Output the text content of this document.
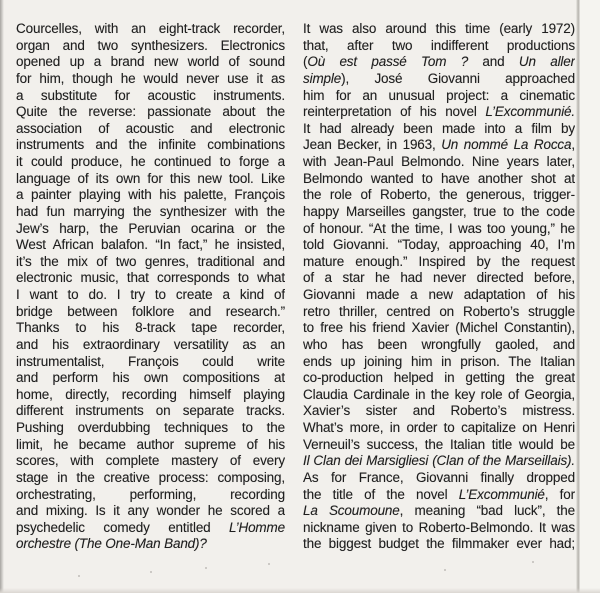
Courcelles, with an eight-track recorder,
organ and two synthesizers. Electronics
opened up a brand new world of sound
for him, though he would never use it as
a substitute for acoustic instruments.
Quite the reverse: passionate about the
association of acoustic and electronic
instruments and the infinite combinations
it could produce, he continued to forge a
language of its own for this new tool. Like
a painter playing with his palette, François
had fun marrying the synthesizer with the
Jew’s harp, the Peruvian ocarina or the
West African balafon. “In fact,” he insisted,
it’s the mix of two genres, traditional and
electronic music, that corresponds to what
I want to do. I try to create a kind of
bridge between folklore and research.”
Thanks to his 8-track tape recorder,
and his extraordinary versatility as an
instrumentalist, François could write
and perform his own compositions at
home, directly, recording himself playing
different instruments on separate tracks.
Pushing overdubbing techniques to the
limit, he became author supreme of his
scores, with complete mastery of every
stage in the creative process: composing,
orchestrating, performing, recording
and mixing. Is it any wonder he scored a
psychedelic comedy entitled L’Homme
orchestre (The One-Man Band)?
It was also around this time (early 1972)
that, after two indifferent productions
(Où est passé Tom ? and Un aller
simple), José Giovanni approached
him for an unusual project: a cinematic
reinterpretation of his novel L’Excommunié.
It had already been made into a film by
Jean Becker, in 1963, Un nommé La Rocca,
with Jean-Paul Belmondo. Nine years later,
Belmondo wanted to have another shot at
the role of Roberto, the generous, trigger-
happy Marseilles gangster, true to the code
of honour. “At the time, I was too young,” he
told Giovanni. “Today, approaching 40, I’m
mature enough.” Inspired by the request
of a star he had never directed before,
Giovanni made a new adaptation of his
retro thriller, centred on Roberto’s struggle
to free his friend Xavier (Michel Constantin),
who has been wrongfully gaoled, and
ends up joining him in prison. The Italian
co-production helped in getting the great
Claudia Cardinale in the key role of Georgia,
Xavier’s sister and Roberto’s mistress.
What’s more, in order to capitalize on Henri
Verneuil’s success, the Italian title would be
Il Clan dei Marsigliesi (Clan of the Marseillais).
As for France, Giovanni finally dropped
the title of the novel L’Excommunié, for
La Scoumoune, meaning “bad luck”, the
nickname given to Roberto-Belmondo. It was
the biggest budget the filmmaker ever had;
